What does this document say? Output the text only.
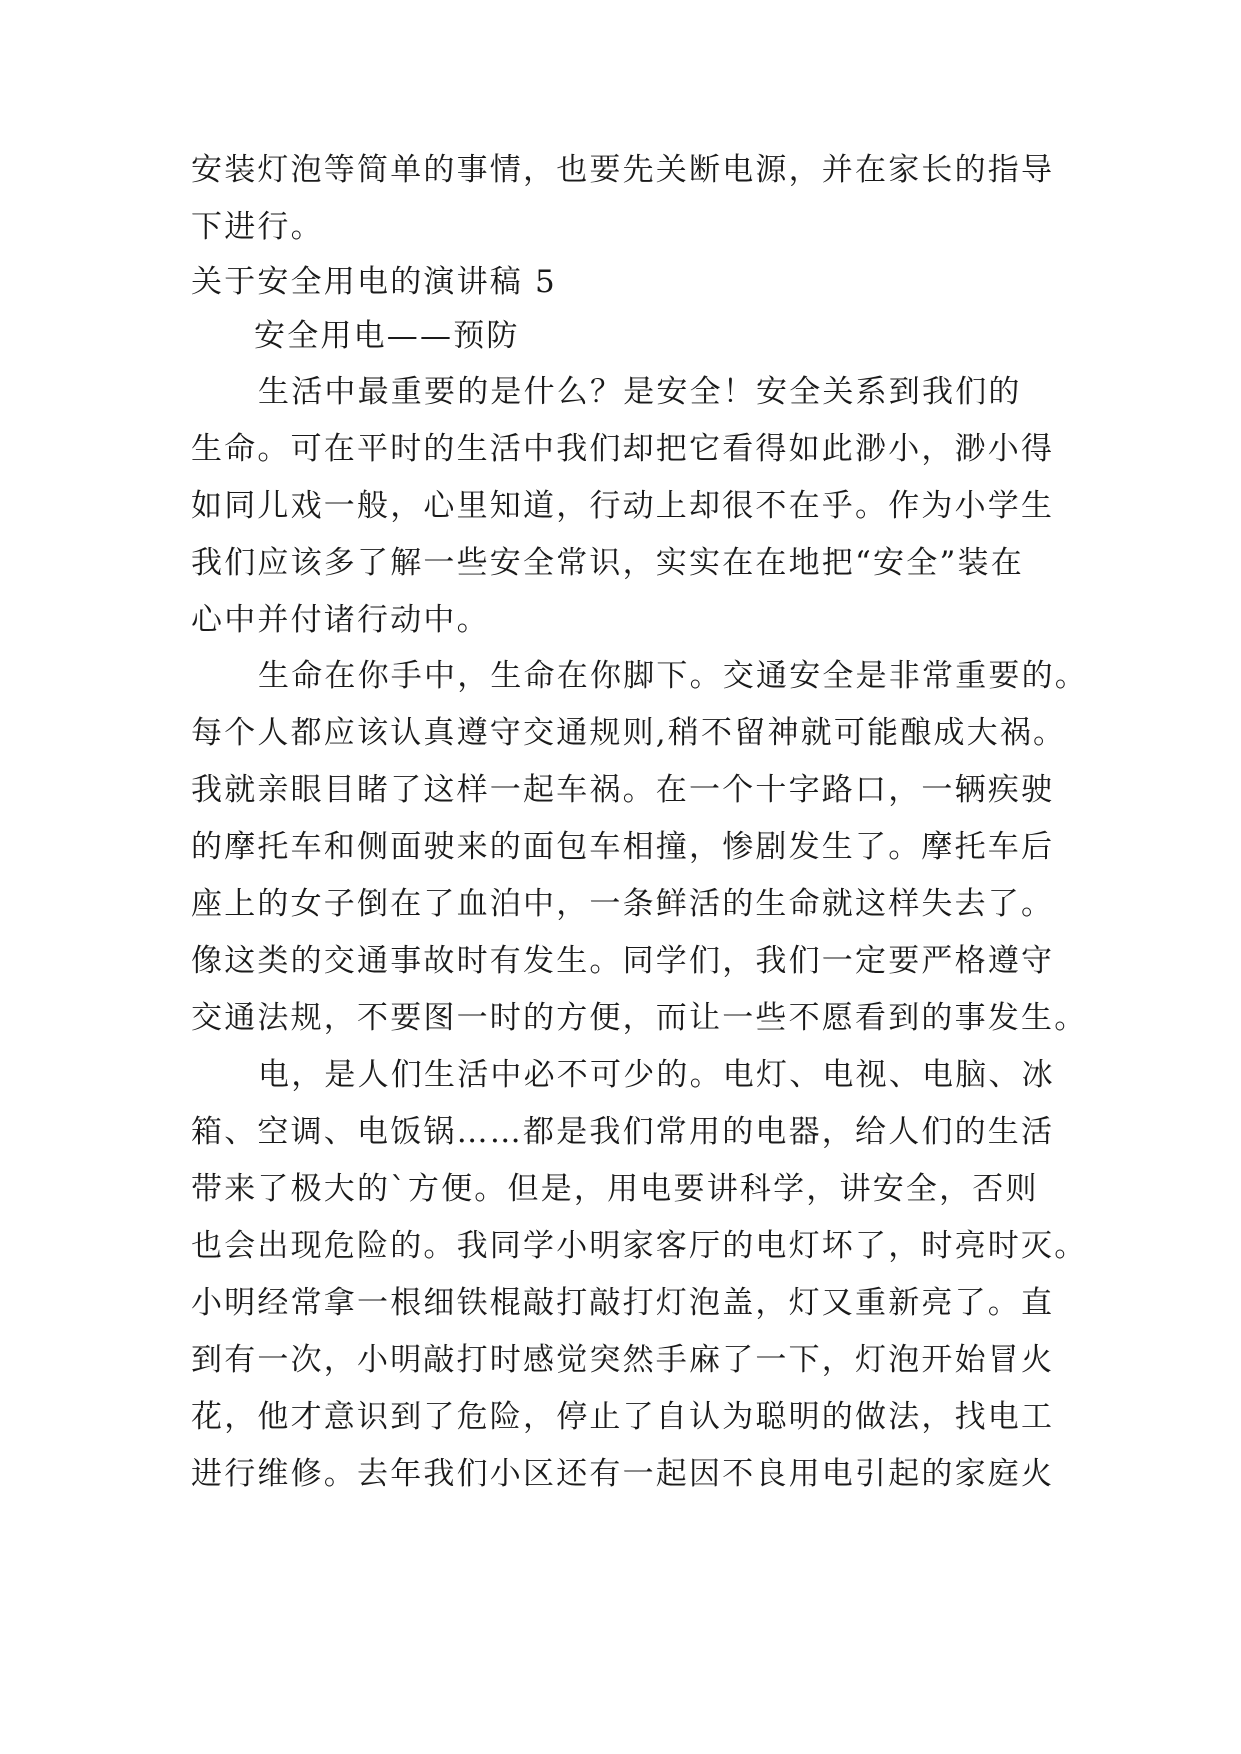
安装灯泡等简单的事情，也要先关断电源，并在家长的指导
下进行。
关于安全用电的演讲稿 5
安全用电——预防
生活中最重要的是什么？是安全！安全关系到我们的
生命。可在平时的生活中我们却把它看得如此渺小，渺小得
如同儿戏一般，心里知道，行动上却很不在乎。作为小学生
我们应该多了解一些安全常识，实实在在地把“安全”装在
心中并付诸行动中。
生命在你手中，生命在你脚下。交通安全是非常重要的。
每个人都应该认真遵守交通规则,稍不留神就可能酿成大祸。
我就亲眼目睹了这样一起车祸。在一个十字路口，一辆疾驶
的摩托车和侧面驶来的面包车相撞，惨剧发生了。摩托车后
座上的女子倒在了血泊中，一条鲜活的生命就这样失去了。
像这类的交通事故时有发生。同学们，我们一定要严格遵守
交通法规，不要图一时的方便，而让一些不愿看到的事发生。
电，是人们生活中必不可少的。电灯、电视、电脑、冰
箱、空调、电饭锅……都是我们常用的电器，给人们的生活
带来了极大的`方便。但是，用电要讲科学，讲安全，否则
也会出现危险的。我同学小明家客厅的电灯坏了，时亮时灭。
小明经常拿一根细铁棍敲打敲打灯泡盖，灯又重新亮了。直
到有一次，小明敲打时感觉突然手麻了一下，灯泡开始冒火
花，他才意识到了危险，停止了自认为聪明的做法，找电工
进行维修。去年我们小区还有一起因不良用电引起的家庭火
